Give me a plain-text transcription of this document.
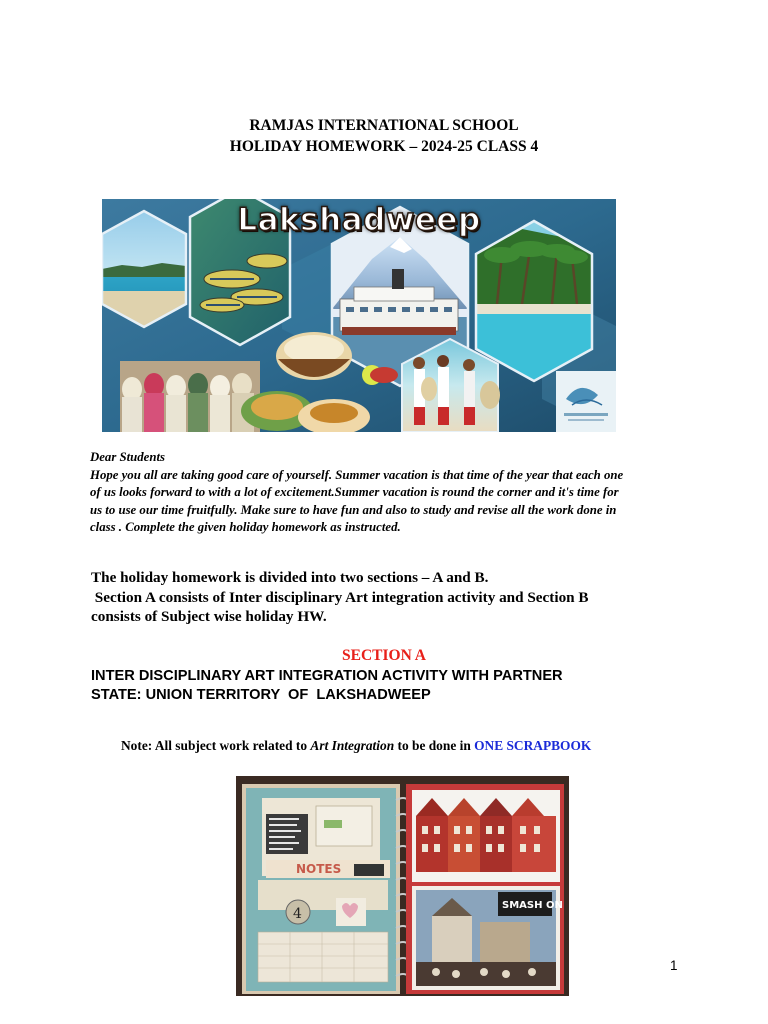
RAMJAS INTERNATIONAL SCHOOL
HOLIDAY HOMEWORK – 2024-25 CLASS 4
Lakshadweep
Dear Students
Hope you all are taking good care of yourself. Summer vacation is that time of the year that each one
of us looks forward to with a lot of excitement.Summer vacation is round the corner and it's time for
us to use our time fruitfully. Make sure to have fun and also to study and revise all the work done in
class . Complete the given holiday homework as instructed.
The holiday homework is divided into two sections – A and B.
Section A consists of Inter disciplinary Art integration activity and Section B
consists of Subject wise holiday HW.
SECTION A
INTER DISCIPLINARY ART INTEGRATION ACTIVITY WITH PARTNER
STATE: UNION TERRITORY  OF  LAKSHADWEEP
Note: All subject work related to Art Integration to be done in ONE SCRAPBOOK
NOTES
4
SMASH ON
1
